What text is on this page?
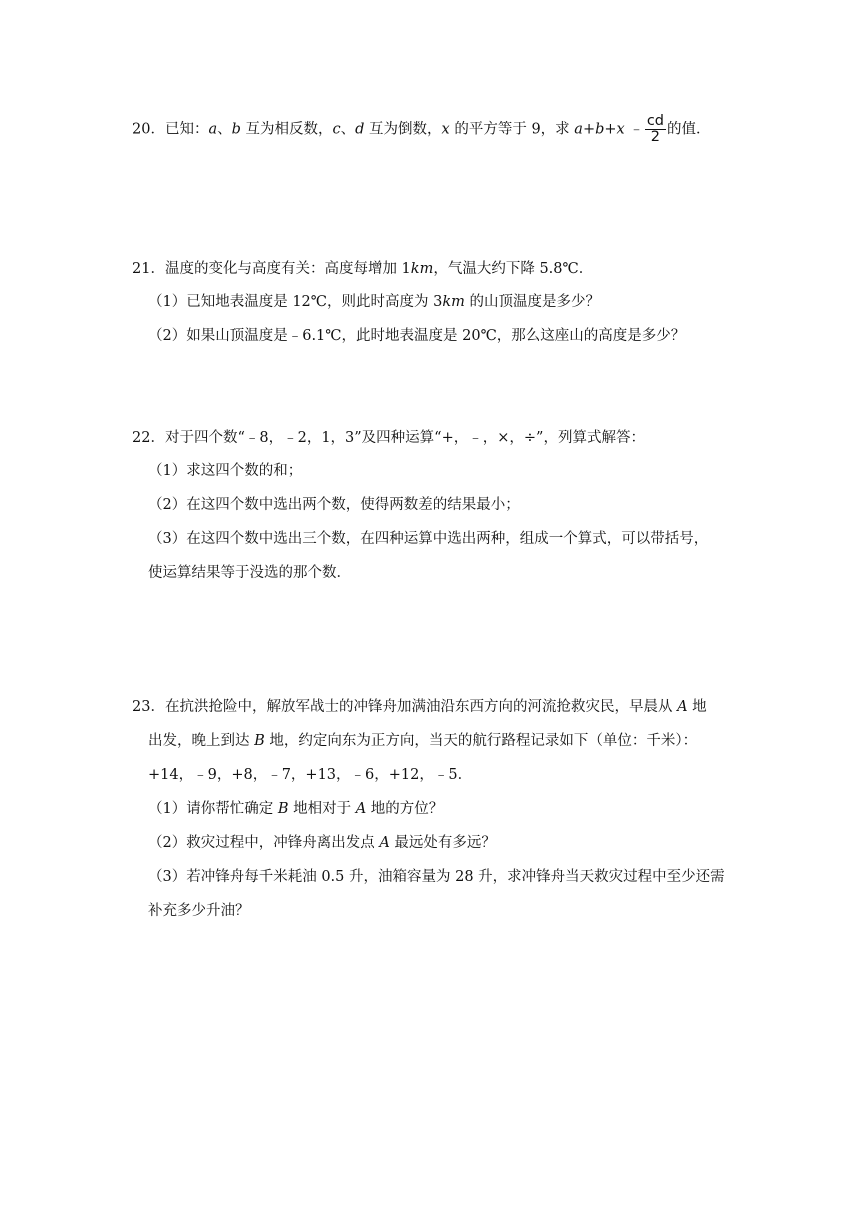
20．已知：a、b 互为相反数，c、d 互为倒数，x 的平方等于 9，求 a+b+x ﹣ $\frac{cd}{2}$ 的值．
21．温度的变化与高度有关：高度每增加 1km，气温大约下降 5.8℃．
（1）已知地表温度是 12℃，则此时高度为 3km 的山顶温度是多少？
（2）如果山顶温度是﹣6.1℃，此时地表温度是 20℃，那么这座山的高度是多少？
22．对于四个数“﹣8，﹣2，1，3”及四种运算“+，﹣，×，÷”，列算式解答：
（1）求这四个数的和；
（2）在这四个数中选出两个数，使得两数差的结果最小；
（3）在这四个数中选出三个数，在四种运算中选出两种，组成一个算式，可以带括号，
使运算结果等于没选的那个数．
23．在抗洪抢险中，解放军战士的冲锋舟加满油沿东西方向的河流抢救灾民，早晨从 A 地
出发，晚上到达 B 地，约定向东为正方向，当天的航行路程记录如下（单位：千米）：
+14，﹣9，+8，﹣7，+13，﹣6，+12，﹣5．
（1）请你帮忙确定 B 地相对于 A 地的方位？
（2）救灾过程中，冲锋舟离出发点 A 最远处有多远？
（3）若冲锋舟每千米耗油 0.5 升，油箱容量为 28 升，求冲锋舟当天救灾过程中至少还需
补充多少升油？
